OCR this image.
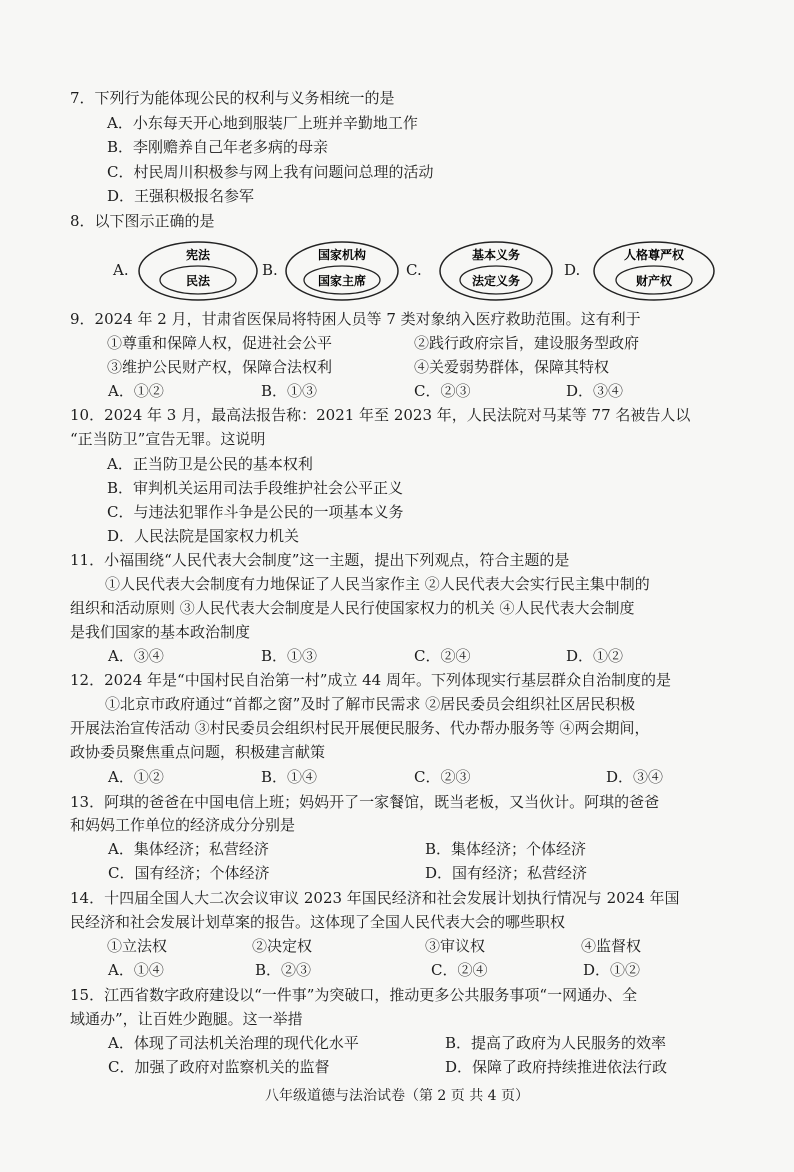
7．下列行为能体现公民的权利与义务相统一的是
A．小东每天开心地到服装厂上班并辛勤地工作
B．李刚赡养自己年老多病的母亲
C．村民周川积极参与网上我有问题问总理的活动
D．王强积极报名参军
8．以下图示正确的是
A.
宪法
民法
B.
国家机构
国家主席
C.
基本义务
法定义务
D.
人格尊严权
财产权
9．2024 年 2 月，甘肃省医保局将特困人员等 7 类对象纳入医疗救助范围。这有利于
①尊重和保障人权，促进社会公平	②践行政府宗旨，建设服务型政府
③维护公民财产权，保障合法权利	④关爱弱势群体，保障其特权
A．①②	B．①③	C．②③	D．③④
10．2024 年 3 月，最高法报告称：2021 年至 2023 年，人民法院对马某等 77 名被告人以
“正当防卫”宣告无罪。这说明
A．正当防卫是公民的基本权利
B．审判机关运用司法手段维护社会公平正义
C．与违法犯罪作斗争是公民的一项基本义务
D．人民法院是国家权力机关
11．小福围绕“人民代表大会制度”这一主题，提出下列观点，符合主题的是
①人民代表大会制度有力地保证了人民当家作主 ②人民代表大会实行民主集中制的
组织和活动原则 ③人民代表大会制度是人民行使国家权力的机关 ④人民代表大会制度
是我们国家的基本政治制度
A．③④	B．①③	C．②④	D．①②
12．2024 年是“中国村民自治第一村”成立 44 周年。下列体现实行基层群众自治制度的是
①北京市政府通过“首都之窗”及时了解市民需求 ②居民委员会组织社区居民积极
开展法治宣传活动 ③村民委员会组织村民开展便民服务、代办帮办服务等 ④两会期间，
政协委员聚焦重点问题，积极建言献策
A．①②	B．①④	C．②③	D．③④
13．阿琪的爸爸在中国电信上班；妈妈开了一家餐馆，既当老板，又当伙计。阿琪的爸爸
和妈妈工作单位的经济成分分别是
A．集体经济；私营经济	B．集体经济；个体经济
C．国有经济；个体经济	D．国有经济；私营经济
14．十四届全国人大二次会议审议 2023 年国民经济和社会发展计划执行情况与 2024 年国
民经济和社会发展计划草案的报告。这体现了全国人民代表大会的哪些职权
①立法权	②决定权	③审议权	④监督权
A．①④	B．②③	C．②④	D．①②
15．江西省数字政府建设以“一件事”为突破口，推动更多公共服务事项“一网通办、全
域通办”，让百姓少跑腿。这一举措
A．体现了司法机关治理的现代化水平	B．提高了政府为人民服务的效率
C．加强了政府对监察机关的监督	D．保障了政府持续推进依法行政
八年级道德与法治试卷（第 2 页 共 4 页）
